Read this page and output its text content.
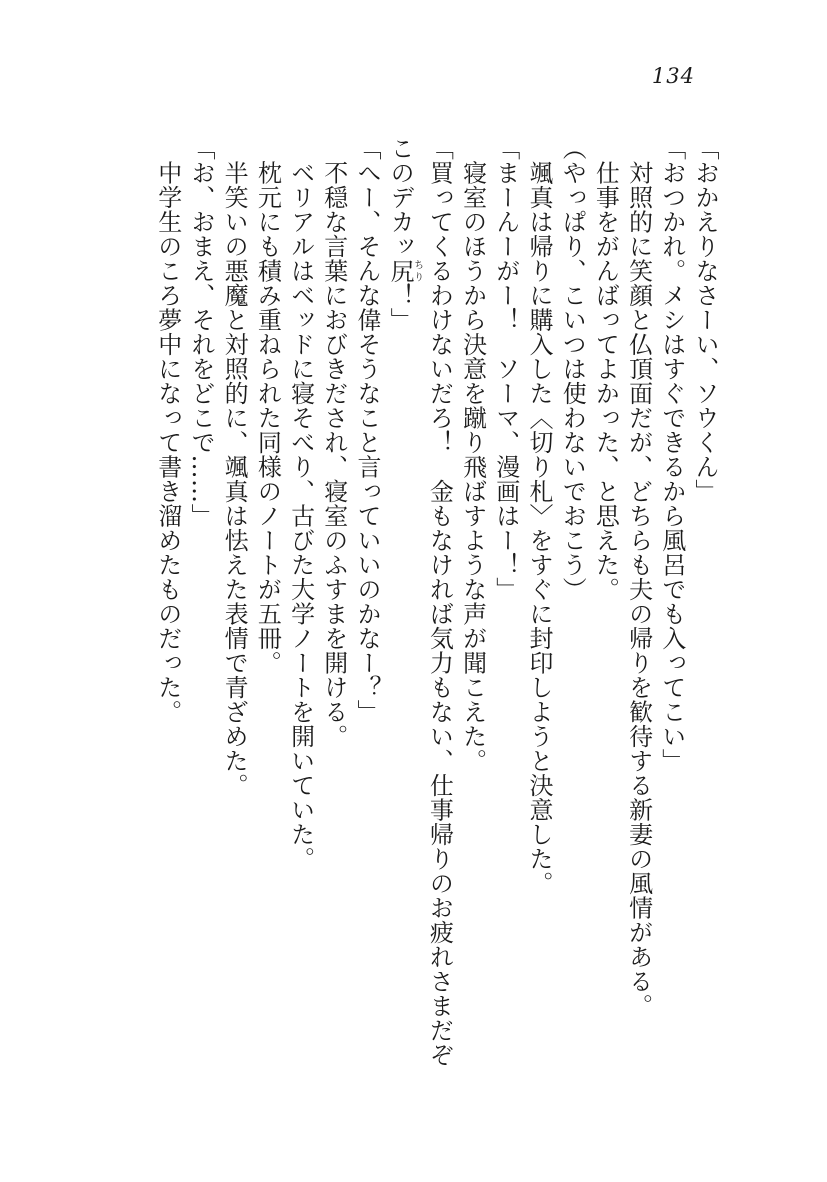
134

「おかえりなさーい、ソウくん」

「おつかれ。メシはすぐできるから風呂でも入ってこい」

　対照的に笑顔と仏頂面だが、どちらも夫の帰りを歓待する新妻の風情がある。

　仕事をがんばってよかった、と思えた。

（やっぱり、こいつは使わないでおこう）

　颯真は帰りに購入した〈切り札〉をすぐに封印しようと決意した。

「まーんーがー！　ソーマ、漫画はー！」

　寝室のほうから決意を蹴り飛ばすような声が聞こえた。

「買ってくるわけないだろ！　金もなければ気力もない、仕事帰りのお疲れさまだぞ

このデカッ尻ちり！」

「へー、そんな偉そうなこと言っていいのかなー？」

　不穏な言葉におびきだされ、寝室のふすまを開ける。

　ベリアルはベッドに寝そべり、古びた大学ノートを開いていた。

　枕元にも積み重ねられた同様のノートが五冊。

　半笑いの悪魔と対照的に、颯真は怯えた表情で青ざめた。

「お、おまえ、それをどこで……」

　中学生のころ夢中になって書き溜めたものだった。
